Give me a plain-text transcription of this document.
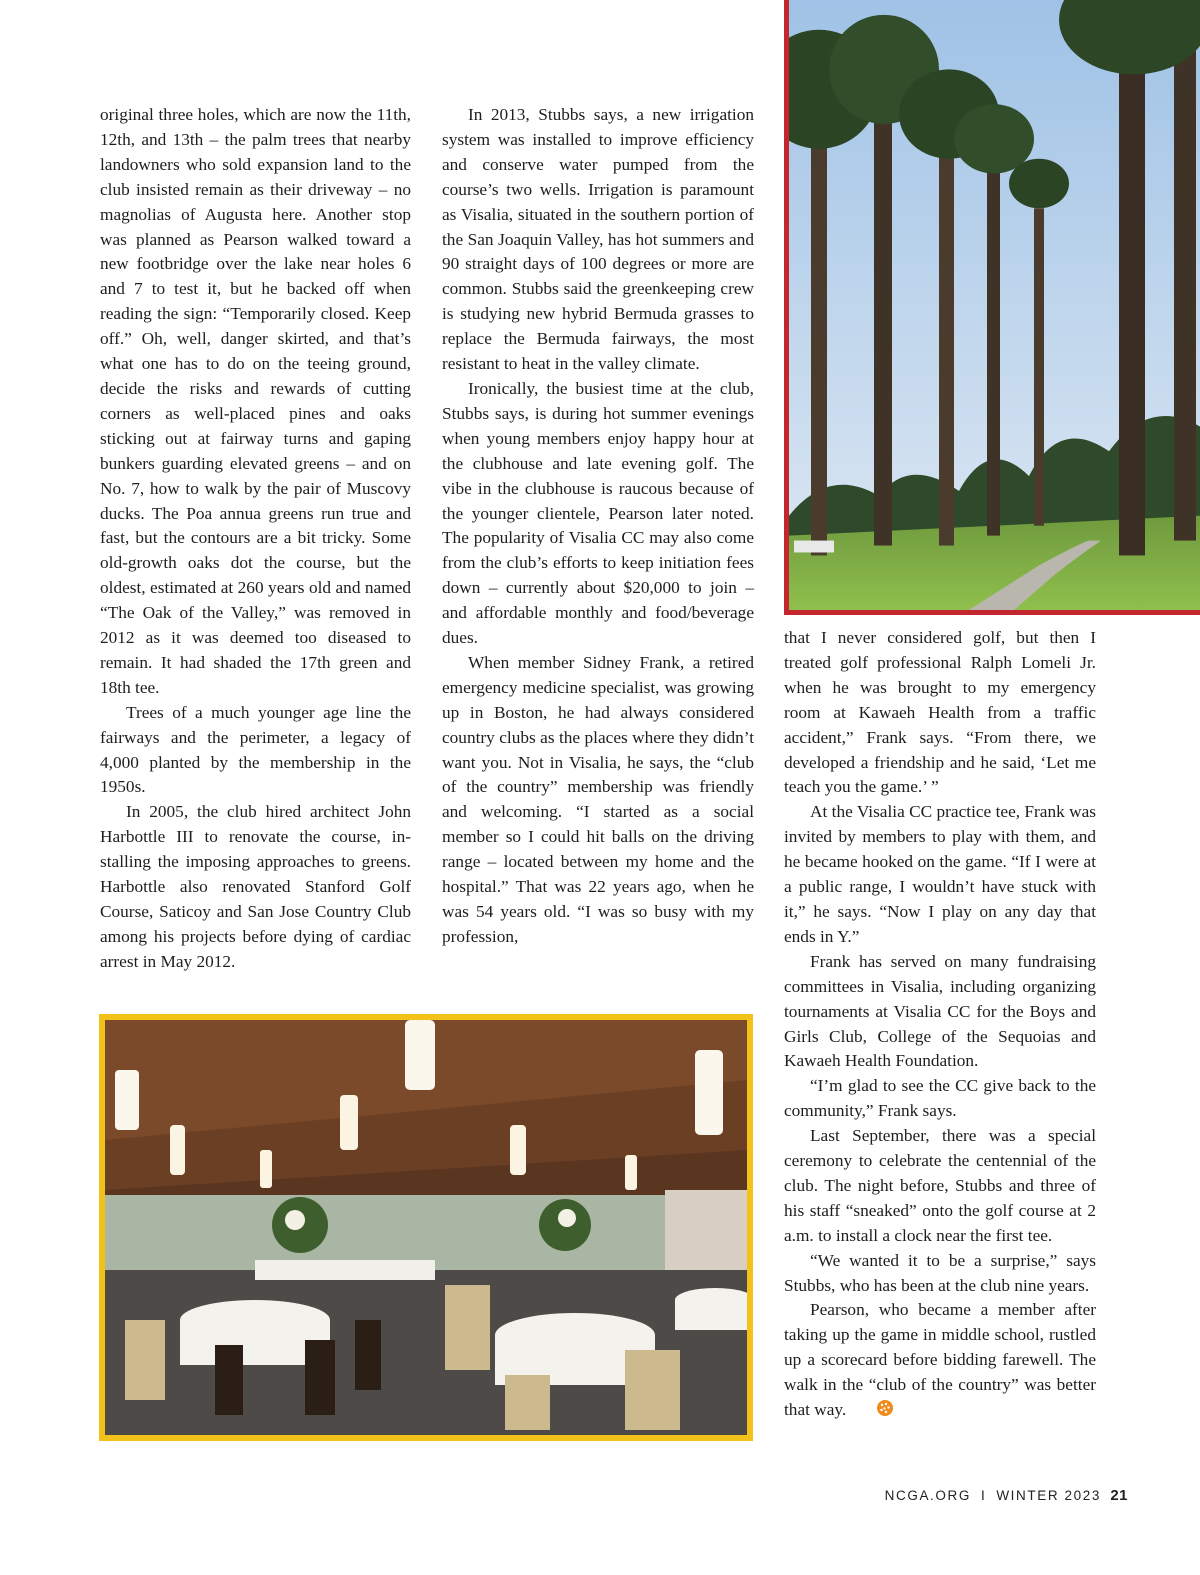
original three holes, which are now the 11th, 12th, and 13th – the palm trees that nearby landowners who sold expansion land to the club insisted remain as their driveway – no magnolias of Augusta here. Another stop was planned as Pearson walked toward a new footbridge over the lake near holes 6 and 7 to test it, but he backed off when reading the sign: “Temporarily closed. Keep off.” Oh, well, danger skirted, and that’s what one has to do on the teeing ground, decide the risks and rewards of cutting corners as well-placed pines and oaks sticking out at fairway turns and gaping bunkers guarding elevated greens – and on No. 7, how to walk by the pair of Muscovy ducks. The Poa annua greens run true and fast, but the contours are a bit tricky. Some old-growth oaks dot the course, but the oldest, estimated at 260 years old and named “The Oak of the Valley,” was removed in 2012 as it was deemed too diseased to remain. It had shaded the 17th green and 18th tee.

Trees of a much younger age line the fairways and the perimeter, a legacy of 4,000 planted by the membership in the 1950s.

In 2005, the club hired architect John Harbottle III to renovate the course, installing the imposing approaches to greens. Harbottle also renovated Stanford Golf Course, Saticoy and San Jose Country Club among his projects before dying of cardiac arrest in May 2012.

In 2013, Stubbs says, a new irrigation system was installed to improve efficiency and conserve water pumped from the course’s two wells. Irrigation is paramount as Visalia, situated in the southern portion of the San Joaquin Valley, has hot summers and 90 straight days of 100 degrees or more are common. Stubbs said the greenkeeping crew is studying new hybrid Bermuda grasses to replace the Bermuda fairways, the most resistant to heat in the valley climate.

Ironically, the busiest time at the club, Stubbs says, is during hot summer evenings when young members enjoy happy hour at the clubhouse and late evening golf. The vibe in the clubhouse is raucous because of the younger clientele, Pearson later noted. The popularity of Visalia CC may also come from the club’s efforts to keep initiation fees down – currently about $20,000 to join – and affordable monthly and food/beverage dues.

When member Sidney Frank, a retired emergency medicine specialist, was growing up in Boston, he had always considered country clubs as the places where they didn’t want you. Not in Visalia, he says, the “club of the country” membership was friendly and welcoming. “I started as a social member so I could hit balls on the driving range – located between my home and the hospital.” That was 22 years ago, when he was 54 years old. “I was so busy with my profession,

that I never considered golf, but then I treated golf professional Ralph Lomeli Jr. when he was brought to my emergency room at Kawaeh Health from a traffic accident,” Frank says. “From there, we developed a friendship and he said, ‘Let me teach you the game.’ ”

At the Visalia CC practice tee, Frank was invited by members to play with them, and he became hooked on the game. “If I were at a public range, I wouldn’t have stuck with it,” he says. “Now I play on any day that ends in Y.”

Frank has served on many fundraising committees in Visalia, including organizing tournaments at Visalia CC for the Boys and Girls Club, College of the Sequoias and Kawaeh Health Foundation.

“I’m glad to see the CC give back to the community,” Frank says.

Last September, there was a special ceremony to celebrate the centennial of the club. The night before, Stubbs and three of his staff “sneaked” onto the golf course at 2 a.m. to install a clock near the first tee.

“We wanted it to be a surprise,” says Stubbs, who has been at the club nine years.

Pearson, who became a member after taking up the game in middle school, rustled up a scorecard before bidding farewell. The walk in the “club of the country” was better that way.

NCGA.ORG I WINTER 2023 21
